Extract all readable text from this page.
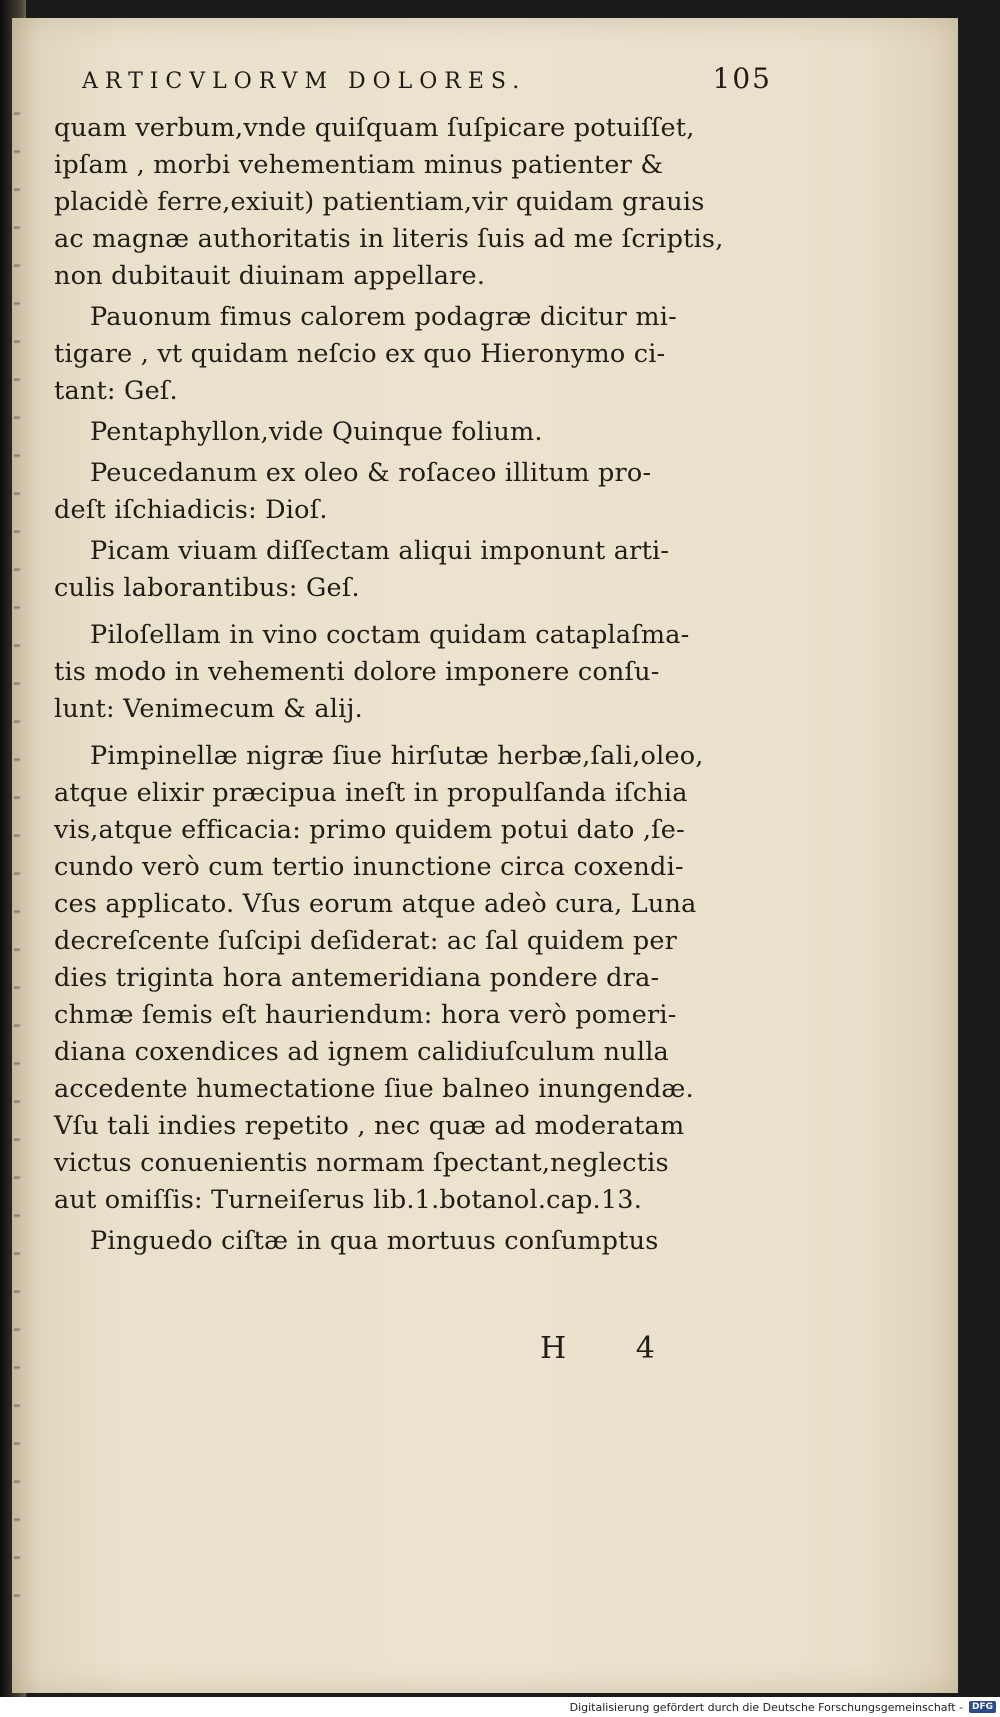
ARTICVLORVM DOLORES.	105
quam verbum,vnde quiſquam ſuſpicare potuiſſet,
ipſam , morbi vehementiam minus patienter &
placidè ferre,exiuit) patientiam,vir quidam grauis
ac magnæ authoritatis in literis ſuis ad me ſcriptis,
non dubitauit diuinam appellare.
Pauonum fimus calorem podagræ dicitur mi-
tigare , vt quidam neſcio ex quo Hieronymo ci-
tant: Geſ.
Pentaphyllon,vide Quinque folium.
Peucedanum ex oleo & roſaceo illitum pro-
deſt iſchiadicis: Dioſ.
Picam viuam diſſectam aliqui imponunt arti-
culis laborantibus: Geſ.
Piloſellam in vino coctam quidam cataplaſma-
tis modo in vehementi dolore imponere conſu-
lunt: Venimecum & alij.
Pimpinellæ nigræ ſiue hirſutæ herbæ,ſali,oleo,
atque elixir præcipua ineſt in propulſanda iſchia
vis,atque efficacia: primo quidem potui dato ,ſe-
cundo verò cum tertio inunctione circa coxendi-
ces applicato. Vſus eorum atque adeò cura, Luna
decreſcente ſuſcipi deſiderat: ac ſal quidem per
dies triginta hora antemeridiana pondere dra-
chmæ ſemis eſt hauriendum: hora verò pomeri-
diana coxendices ad ignem calidiuſculum nulla
accedente humectatione ſiue balneo inungendæ.
Vſu tali indies repetito , nec quæ ad moderatam
victus conuenientis normam ſpectant,neglectis
aut omiſſis: Turneiſerus lib.1.botanol.cap.13.
Pinguedo ciſtæ in qua mortuus conſumptus
H 4
Digitalisierung gefördert durch die Deutsche Forschungsgemeinschaft -	DFG
